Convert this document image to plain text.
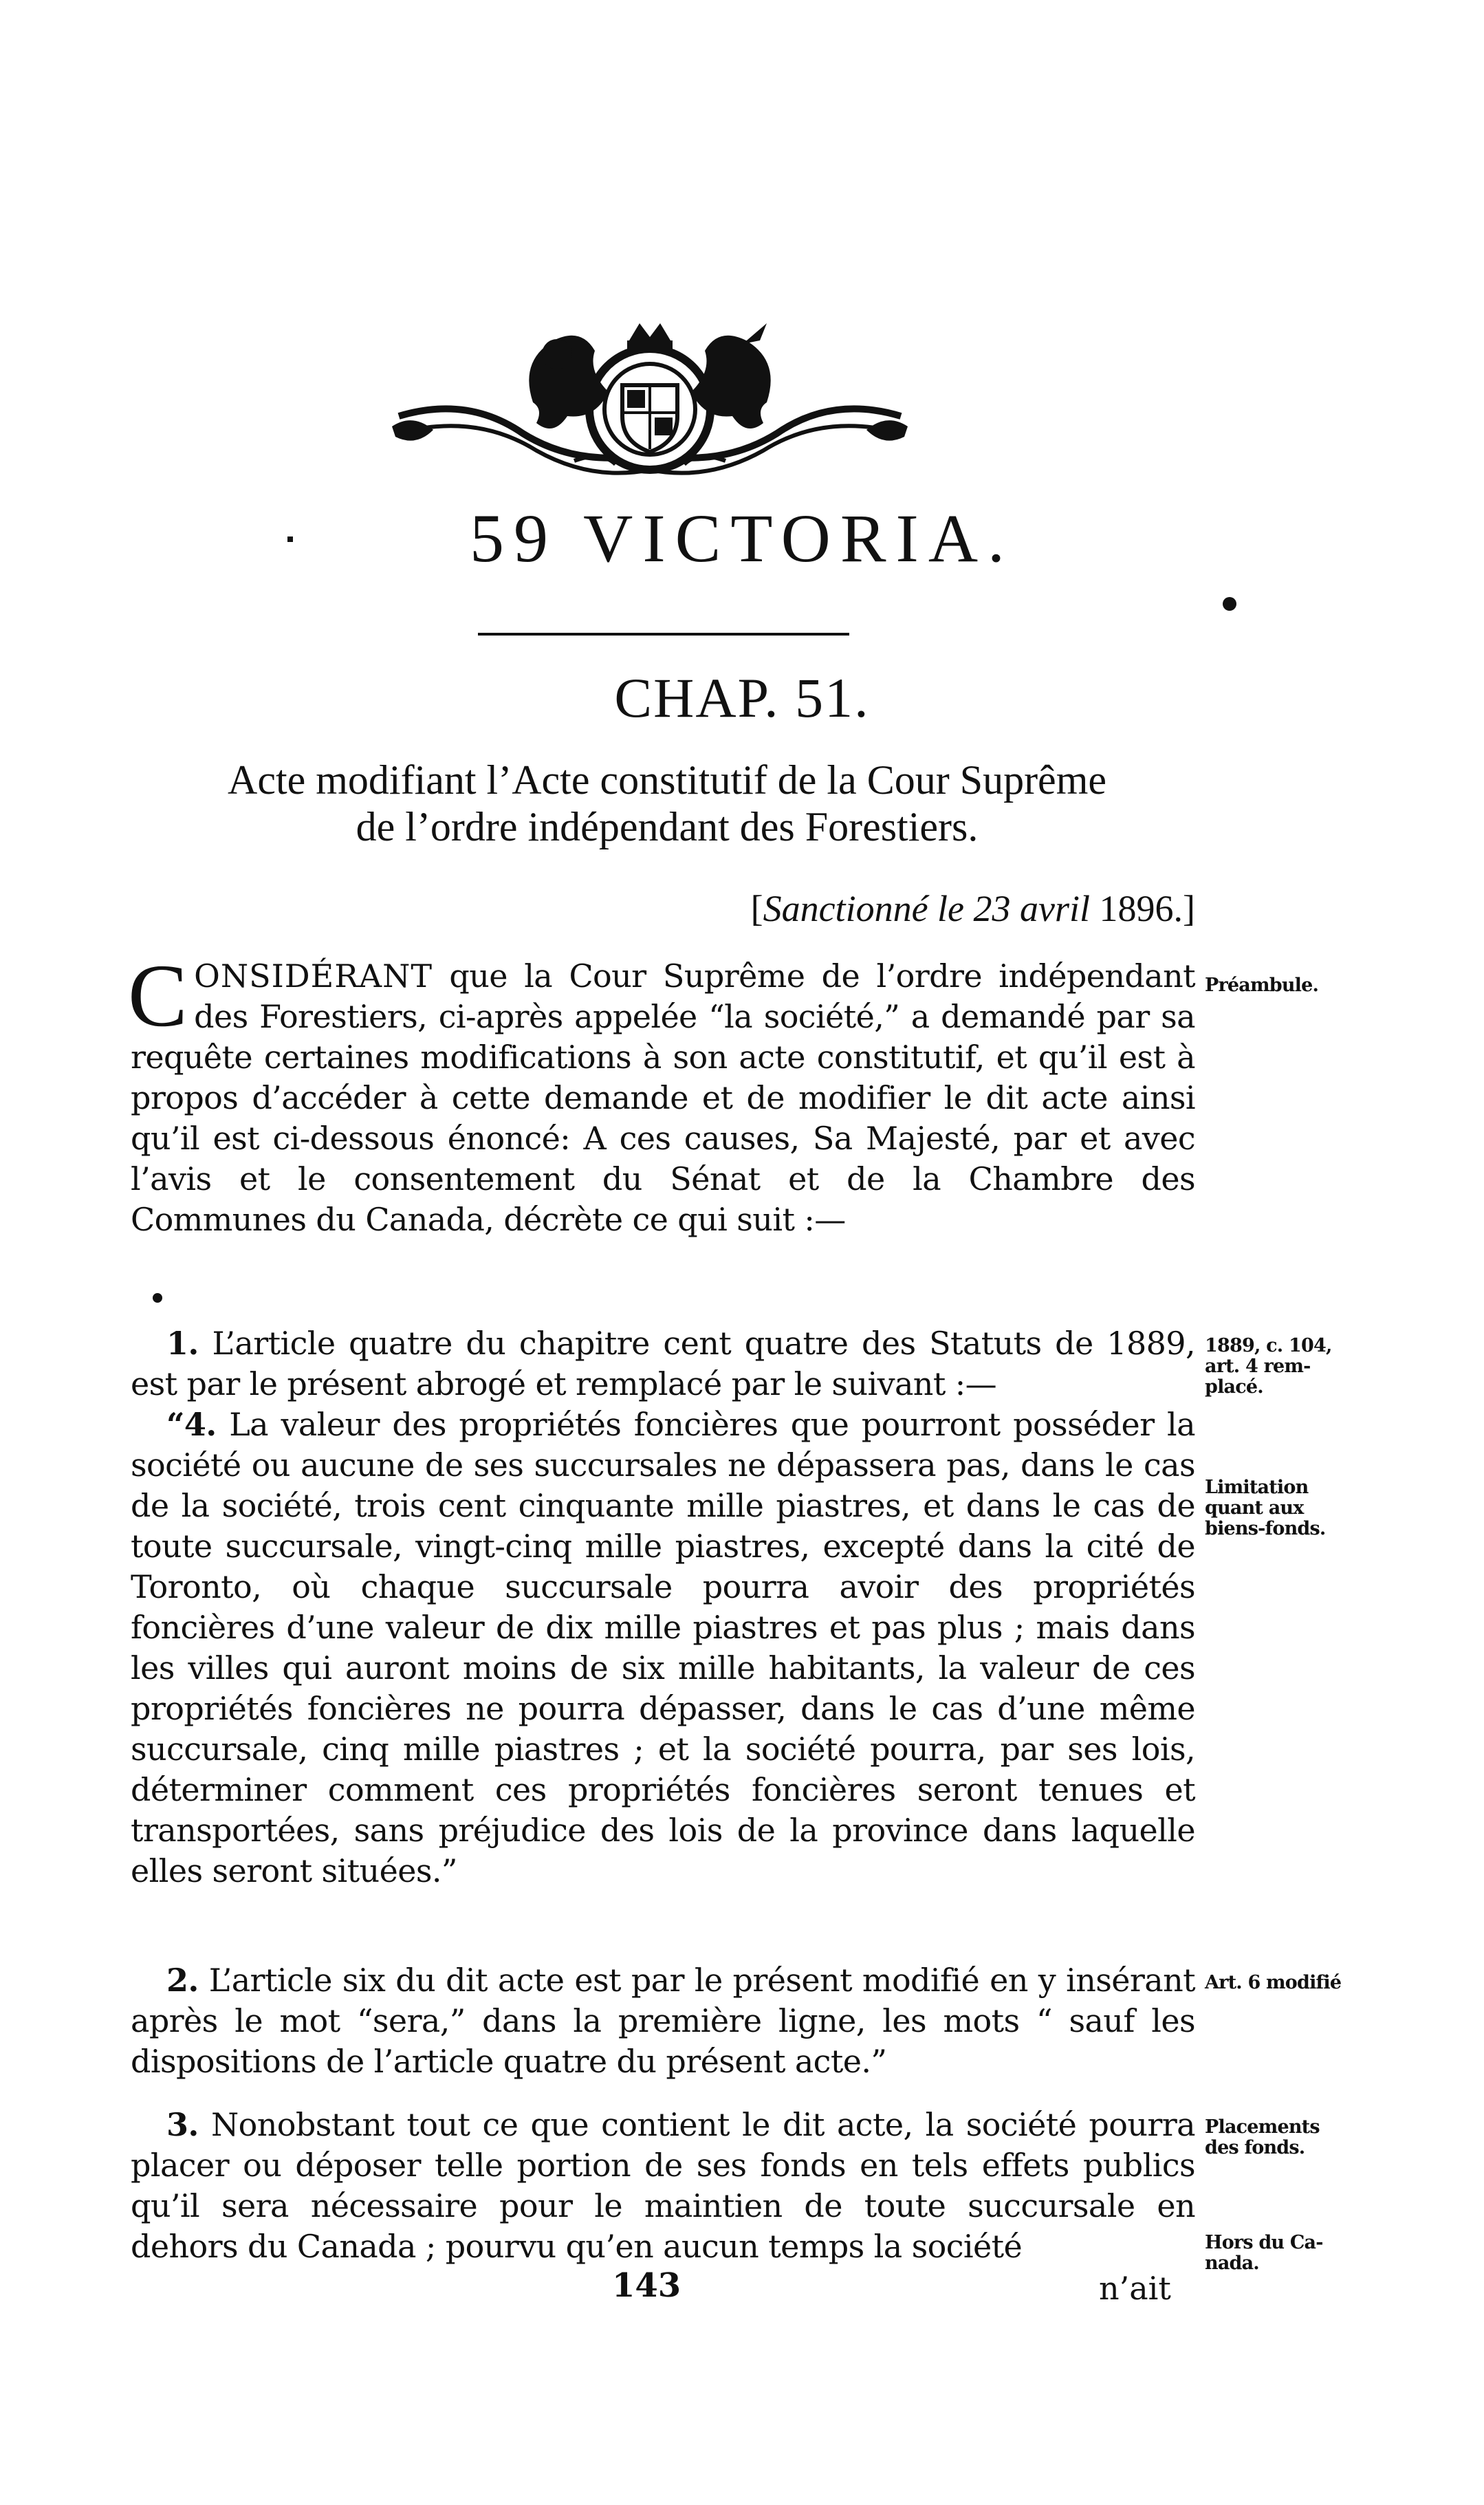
59 VICTORIA.
CHAP. 51.
Acte modifiant l’Acte constitutif de la Cour Suprême
de l’ordre indépendant des Forestiers.
[Sanctionné le 23 avril 1896.]

CONSIDÉRANT que la Cour Suprême de l’ordre indépendant des Forestiers, ci-après appelée “la société,” a demandé par sa requête certaines modifications à son acte constitutif, et qu’il est à propos d’accéder à cette demande et de modifier le dit acte ainsi qu’il est ci-dessous énoncé: A ces causes, Sa Majesté, par et avec l’avis et le consentement du Sénat et de la Chambre des Communes du Canada, décrète ce qui suit :—

1. L’article quatre du chapitre cent quatre des Statuts de 1889, est par le présent abrogé et remplacé par le suivant :—

“4. La valeur des propriétés foncières que pourront posséder la société ou aucune de ses succursales ne dépassera pas, dans le cas de la société, trois cent cinquante mille piastres, et dans le cas de toute succursale, vingt-cinq mille piastres, excepté dans la cité de Toronto, où chaque succursale pourra avoir des propriétés foncières d’une valeur de dix mille piastres et pas plus ; mais dans les villes qui auront moins de six mille habitants, la valeur de ces propriétés foncières ne pourra dépasser, dans le cas d’une même succursale, cinq mille piastres ; et la société pourra, par ses lois, déterminer comment ces propriétés foncières seront tenues et transportées, sans préjudice des lois de la province dans laquelle elles seront situées.”

2. L’article six du dit acte est par le présent modifié en y insérant après le mot “sera,” dans la première ligne, les mots “ sauf les dispositions de l’article quatre du présent acte.”

3. Nonobstant tout ce que contient le dit acte, la société pourra placer ou déposer telle portion de ses fonds en tels effets publics qu’il sera nécessaire pour le maintien de toute succursale en dehors du Canada ; pourvu qu’en aucun temps la société

Préambule.
1889, c. 104,
art. 4 rem-
placé.
Limitation
quant aux
biens-fonds.
Art. 6 modifié
Placements
des fonds.
Hors du Ca-
nada.
143	n’ait
